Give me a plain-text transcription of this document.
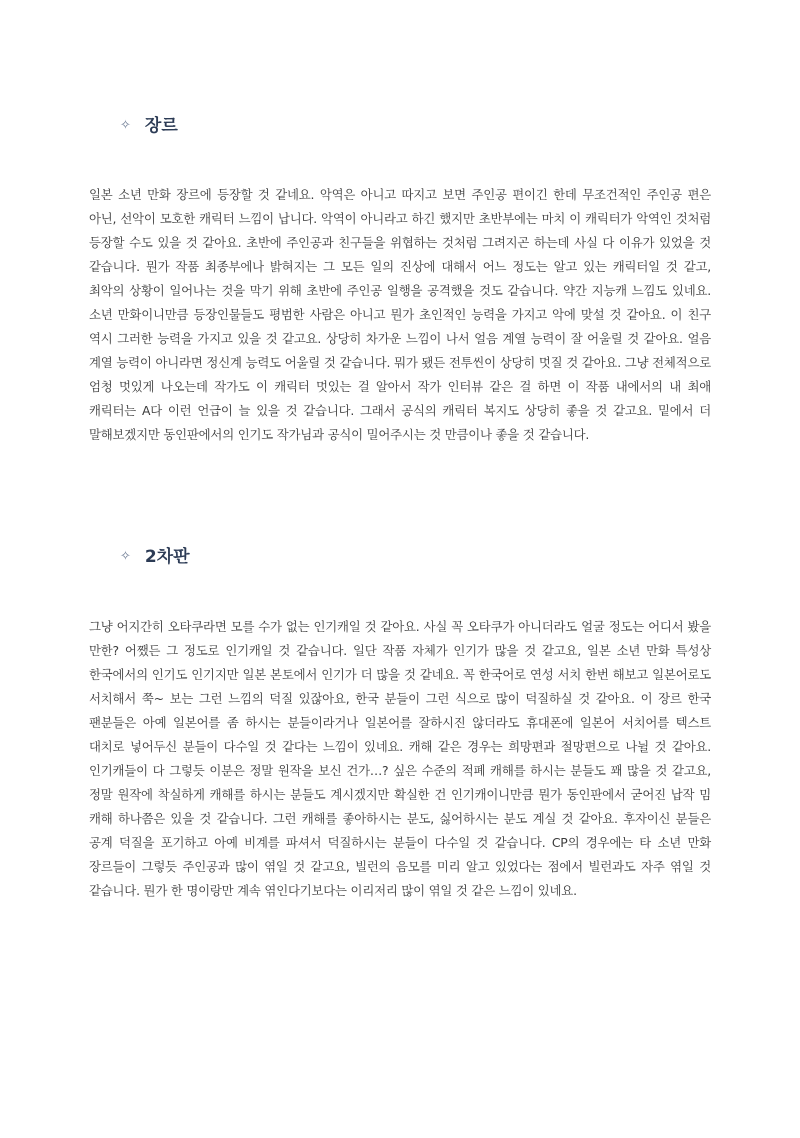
✧ 장르

일본 소년 만화 장르에 등장할 것 같네요. 악역은 아니고 따지고 보면 주인공 편이긴 한데 무조건적인 주인공 편은 아닌, 선악이 모호한 캐릭터 느낌이 납니다. 악역이 아니라고 하긴 했지만 초반부에는 마치 이 캐릭터가 악역인 것처럼 등장할 수도 있을 것 같아요. 초반에 주인공과 친구들을 위협하는 것처럼 그려지곤 하는데 사실 다 이유가 있었을 것 같습니다. 뭔가 작품 최종부에나 밝혀지는 그 모든 일의 진상에 대해서 어느 정도는 알고 있는 캐릭터일 것 같고, 최악의 상황이 일어나는 것을 막기 위해 초반에 주인공 일행을 공격했을 것도 같습니다. 약간 지능캐 느낌도 있네요. 소년 만화이니만큼 등장인물들도 평범한 사람은 아니고 뭔가 초인적인 능력을 가지고 악에 맞설 것 같아요. 이 친구 역시 그러한 능력을 가지고 있을 것 같고요. 상당히 차가운 느낌이 나서 얼음 계열 능력이 잘 어울릴 것 같아요. 얼음 계열 능력이 아니라면 정신계 능력도 어울릴 것 같습니다. 뭐가 됐든 전투씬이 상당히 멋질 것 같아요. 그냥 전체적으로 엄청 멋있게 나오는데 작가도 이 캐릭터 멋있는 걸 알아서 작가 인터뷰 같은 걸 하면 이 작품 내에서의 내 최애 캐릭터는 A다 이런 언급이 늘 있을 것 같습니다. 그래서 공식의 캐릭터 복지도 상당히 좋을 것 같고요. 밑에서 더 말해보겠지만 동인판에서의 인기도 작가님과 공식이 밀어주시는 것 만큼이나 좋을 것 같습니다.

✧ 2차판

그냥 어지간히 오타쿠라면 모를 수가 없는 인기캐일 것 같아요. 사실 꼭 오타쿠가 아니더라도 얼굴 정도는 어디서 봤을 만한? 어쨌든 그 정도로 인기캐일 것 같습니다. 일단 작품 자체가 인기가 많을 것 같고요, 일본 소년 만화 특성상 한국에서의 인기도 인기지만 일본 본토에서 인기가 더 많을 것 같네요. 꼭 한국어로 연성 서치 한번 해보고 일본어로도 서치해서 쭉~ 보는 그런 느낌의 덕질 있잖아요, 한국 분들이 그런 식으로 많이 덕질하실 것 같아요. 이 장르 한국 팬분들은 아예 일본어를 좀 하시는 분들이라거나 일본어를 잘하시진 않더라도 휴대폰에 일본어 서치어를 텍스트 대치로 넣어두신 분들이 다수일 것 같다는 느낌이 있네요. 캐해 같은 경우는 희망편과 절망편으로 나뉠 것 같아요. 인기캐들이 다 그렇듯 이분은 정말 원작을 보신 건가…? 싶은 수준의 적폐 캐해를 하시는 분들도 꽤 많을 것 같고요, 정말 원작에 착실하게 캐해를 하시는 분들도 계시겠지만 확실한 건 인기캐이니만큼 뭔가 동인판에서 굳어진 납작 밈 캐해 하나쯤은 있을 것 같습니다. 그런 캐해를 좋아하시는 분도, 싫어하시는 분도 계실 것 같아요. 후자이신 분들은 공계 덕질을 포기하고 아예 비계를 파셔서 덕질하시는 분들이 다수일 것 같습니다. CP의 경우에는 타 소년 만화 장르들이 그렇듯 주인공과 많이 엮일 것 같고요, 빌런의 음모를 미리 알고 있었다는 점에서 빌런과도 자주 엮일 것 같습니다. 뭔가 한 명이랑만 계속 엮인다기보다는 이리저리 많이 엮일 것 같은 느낌이 있네요.
